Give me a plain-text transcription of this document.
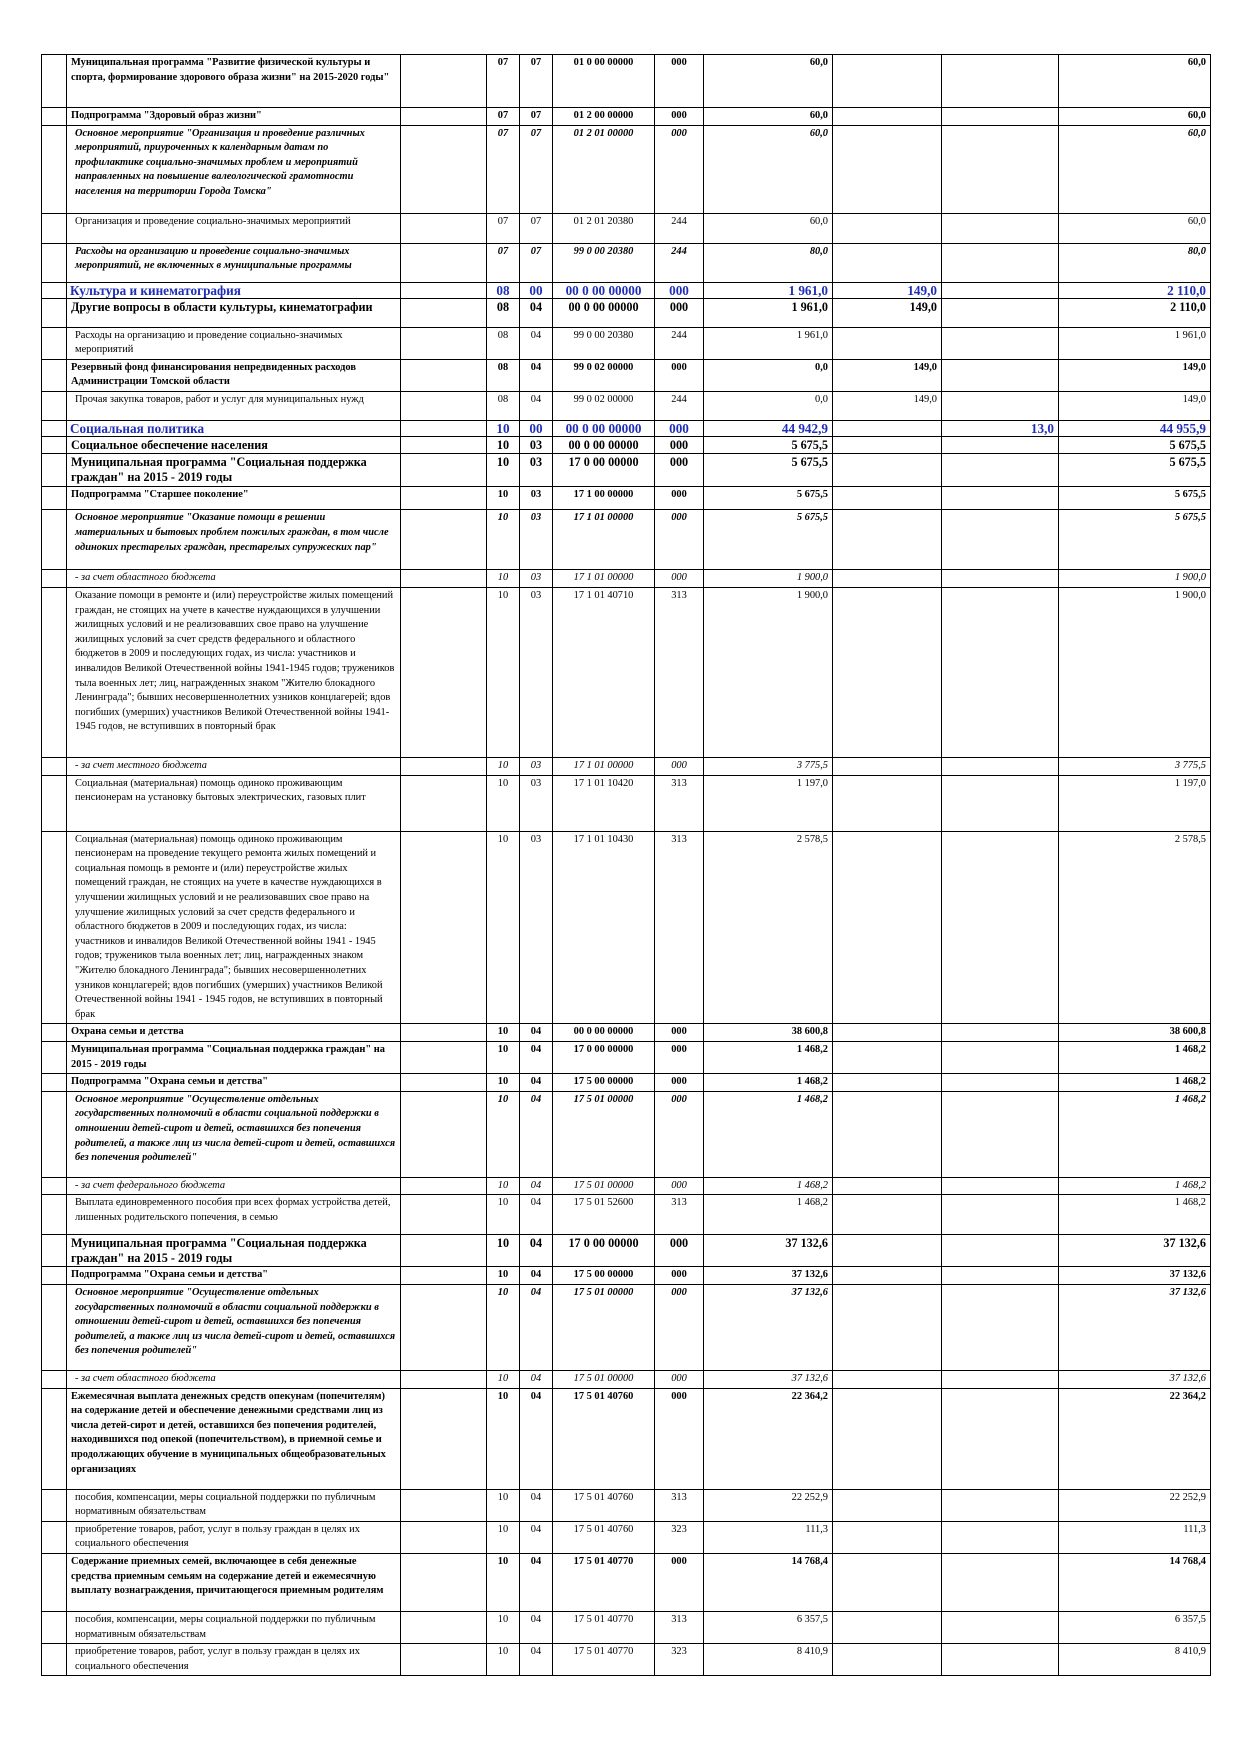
	Муниципальная программа "Развитие физической культуры и спорта, формирование здорового образа жизни" на 2015-2020 годы"		07	07	01 0 00 00000	000	60,0			60,0
	Подпрограмма "Здоровый образ жизни"		07	07	01 2 00 00000	000	60,0			60,0
	Основное мероприятие "Организация и проведение различных мероприятий, приуроченных к календарным датам по профилактике социально-значимых проблем и мероприятий направленных на повышение валеологической грамотности населения на территории Города Томска"		07	07	01 2 01 00000	000	60,0			60,0
	Организация и проведение социально-значимых мероприятий		07	07	01 2 01 20380	244	60,0			60,0
	Расходы на организацию и проведение социально-значимых мероприятий, не включенных в муниципальные программы		07	07	99 0 00 20380	244	80,0			80,0
	Культура и кинематография		08	00	00 0 00 00000	000	1 961,0	149,0		2 110,0
	Другие вопросы в области культуры, кинематографии		08	04	00 0 00 00000	000	1 961,0	149,0		2 110,0
	Расходы на организацию и проведение социально-значимых мероприятий		08	04	99 0 00 20380	244	1 961,0			1 961,0
	Резервный фонд финансирования непредвиденных расходов Администрации Томской области		08	04	99 0 02 00000	000	0,0	149,0		149,0
	Прочая закупка товаров, работ и услуг для муниципальных нужд		08	04	99 0 02 00000	244	0,0	149,0		149,0
	Социальная политика		10	00	00 0 00 00000	000	44 942,9		13,0	44 955,9
	Социальное обеспечение населения		10	03	00 0 00 00000	000	5 675,5			5 675,5
	Муниципальная программа "Социальная поддержка граждан" на 2015 - 2019 годы		10	03	17 0 00 00000	000	5 675,5			5 675,5
	Подпрограмма "Старшее поколение"		10	03	17 1 00 00000	000	5 675,5			5 675,5
	Основное мероприятие "Оказание помощи в решении материальных и бытовых проблем пожилых граждан, в том числе одиноких престарелых граждан, престарелых супружеских пар"		10	03	17 1 01 00000	000	5 675,5			5 675,5
	- за счет областного бюджета		10	03	17 1 01 00000	000	1 900,0			1 900,0
	Оказание помощи в ремонте и (или) переустройстве жилых помещений граждан, не стоящих на учете в качестве нуждающихся в улучшении жилищных условий и не реализовавших свое право на улучшение жилищных условий за счет средств федерального и областного бюджетов в 2009 и последующих годах, из числа: участников и инвалидов Великой Отечественной войны 1941-1945 годов; тружеников тыла военных лет; лиц, награжденных знаком "Жителю блокадного Ленинграда"; бывших несовершеннолетних узников концлагерей; вдов погибших (умерших) участников Великой Отечественной войны 1941-1945 годов, не вступивших в повторный брак		10	03	17 1 01 40710	313	1 900,0			1 900,0
	- за счет местного бюджета		10	03	17 1 01 00000	000	3 775,5			3 775,5
	Социальная (материальная) помощь одиноко проживающим пенсионерам на установку бытовых электрических, газовых плит		10	03	17 1 01 10420	313	1 197,0			1 197,0
	Социальная (материальная) помощь одиноко проживающим пенсионерам на проведение текущего ремонта жилых помещений и социальная помощь в ремонте и (или) переустройстве жилых помещений граждан, не стоящих на учете в качестве нуждающихся в улучшении жилищных условий и не реализовавших свое право на улучшение жилищных условий за счет средств федерального и областного бюджетов в 2009 и последующих годах, из числа: участников и инвалидов Великой Отечественной войны 1941 - 1945 годов; тружеников тыла военных лет; лиц, награжденных знаком "Жителю блокадного Ленинграда"; бывших несовершеннолетних узников концлагерей; вдов погибших (умерших) участников Великой Отечественной войны 1941 - 1945 годов, не вступивших в повторный брак		10	03	17 1 01 10430	313	2 578,5			2 578,5
	Охрана семьи и детства		10	04	00 0 00 00000	000	38 600,8			38 600,8
	Муниципальная программа "Социальная поддержка граждан" на 2015 - 2019 годы		10	04	17 0 00 00000	000	1 468,2			1 468,2
	Подпрограмма "Охрана семьи и детства"		10	04	17 5 00 00000	000	1 468,2			1 468,2
	Основное мероприятие "Осуществление отдельных государственных полномочий в области социальной поддержки в отношении детей-сирот и детей, оставшихся без попечения родителей, а также лиц из числа детей-сирот и детей, оставшихся без попечения родителей"		10	04	17 5 01 00000	000	1 468,2			1 468,2
	- за счет федерального бюджета		10	04	17 5 01 00000	000	1 468,2			1 468,2
	Выплата единовременного пособия при всех формах устройства детей, лишенных родительского попечения, в семью		10	04	17 5 01 52600	313	1 468,2			1 468,2
	Муниципальная программа "Социальная поддержка граждан" на 2015 - 2019 годы		10	04	17 0 00 00000	000	37 132,6			37 132,6
	Подпрограмма "Охрана семьи и детства"		10	04	17 5 00 00000	000	37 132,6			37 132,6
	Основное мероприятие "Осуществление отдельных государственных полномочий в области социальной поддержки в отношении детей-сирот и детей, оставшихся без попечения родителей, а также лиц из числа детей-сирот и детей, оставшихся без попечения родителей"		10	04	17 5 01 00000	000	37 132,6			37 132,6
	- за счет областного бюджета		10	04	17 5 01 00000	000	37 132,6			37 132,6
	Ежемесячная выплата денежных средств опекунам (попечителям) на содержание детей и обеспечение денежными средствами лиц из числа детей-сирот и детей, оставшихся без попечения родителей, находившихся под опекой (попечительством), в приемной семье и продолжающих обучение в муниципальных общеобразовательных организациях		10	04	17 5 01 40760	000	22 364,2			22 364,2
	пособия, компенсации, меры социальной поддержки по публичным нормативным обязательствам		10	04	17 5 01 40760	313	22 252,9			22 252,9
	приобретение товаров, работ, услуг в пользу граждан в целях их социального обеспечения		10	04	17 5 01 40760	323	111,3			111,3
	Содержание приемных семей, включающее в себя денежные средства приемным семьям на содержание детей и ежемесячную выплату вознаграждения, причитающегося приемным родителям		10	04	17 5 01 40770	000	14 768,4			14 768,4
	пособия, компенсации, меры социальной поддержки по публичным нормативным обязательствам		10	04	17 5 01 40770	313	6 357,5			6 357,5
	приобретение товаров, работ, услуг в пользу граждан в целях их социального обеспечения		10	04	17 5 01 40770	323	8 410,9			8 410,9
